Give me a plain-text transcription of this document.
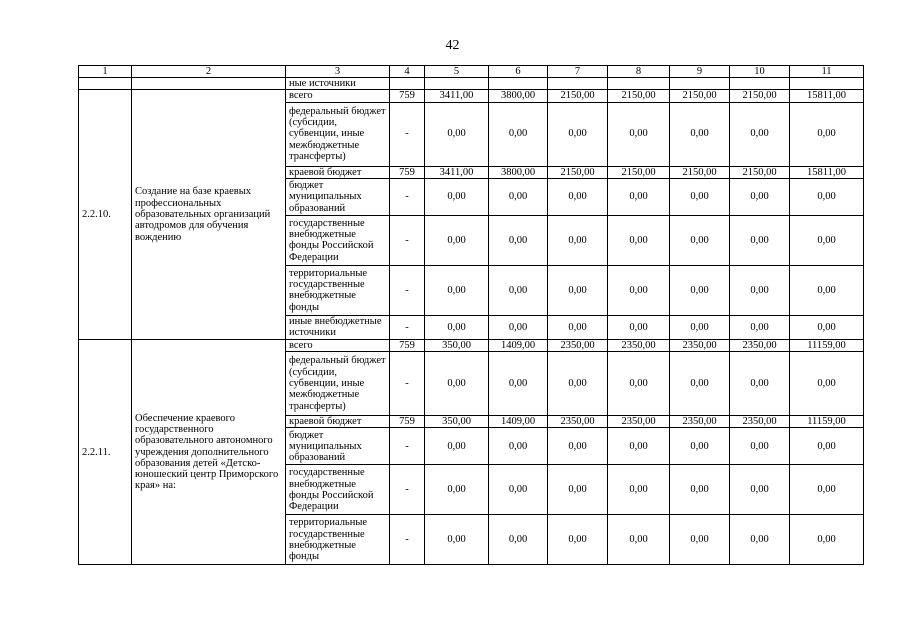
42
1	2	3	4	5	6	7	8	9	10	11
		ные источники								
2.2.10.	Создание на базе краевых профессиональных образовательных организаций автодромов для обучения вождению	всего	759	3411,00	3800,00	2150,00	2150,00	2150,00	2150,00	15811,00
		федеральный бюджет (субсидии, субвенции, иные межбюджетные трансферты)	-	0,00	0,00	0,00	0,00	0,00	0,00	0,00
		краевой бюджет	759	3411,00	3800,00	2150,00	2150,00	2150,00	2150,00	15811,00
		бюджет муниципальных образований	-	0,00	0,00	0,00	0,00	0,00	0,00	0,00
		государственные внебюджетные фонды Российской Федерации	-	0,00	0,00	0,00	0,00	0,00	0,00	0,00
		территориальные государственные внебюджетные фонды	-	0,00	0,00	0,00	0,00	0,00	0,00	0,00
		иные внебюджетные источники	-	0,00	0,00	0,00	0,00	0,00	0,00	0,00
2.2.11.	Обеспечение краевого государственного образовательного автономного учреждения дополнительного образования детей «Детско-юношеский центр Приморского края» на:	всего	759	350,00	1409,00	2350,00	2350,00	2350,00	2350,00	11159,00
		федеральный бюджет (субсидии, субвенции, иные межбюджетные трансферты)	-	0,00	0,00	0,00	0,00	0,00	0,00	0,00
		краевой бюджет	759	350,00	1409,00	2350,00	2350,00	2350,00	2350,00	11159,00
		бюджет муниципальных образований	-	0,00	0,00	0,00	0,00	0,00	0,00	0,00
		государственные внебюджетные фонды Российской Федерации	-	0,00	0,00	0,00	0,00	0,00	0,00	0,00
		территориальные государственные внебюджетные фонды	-	0,00	0,00	0,00	0,00	0,00	0,00	0,00
